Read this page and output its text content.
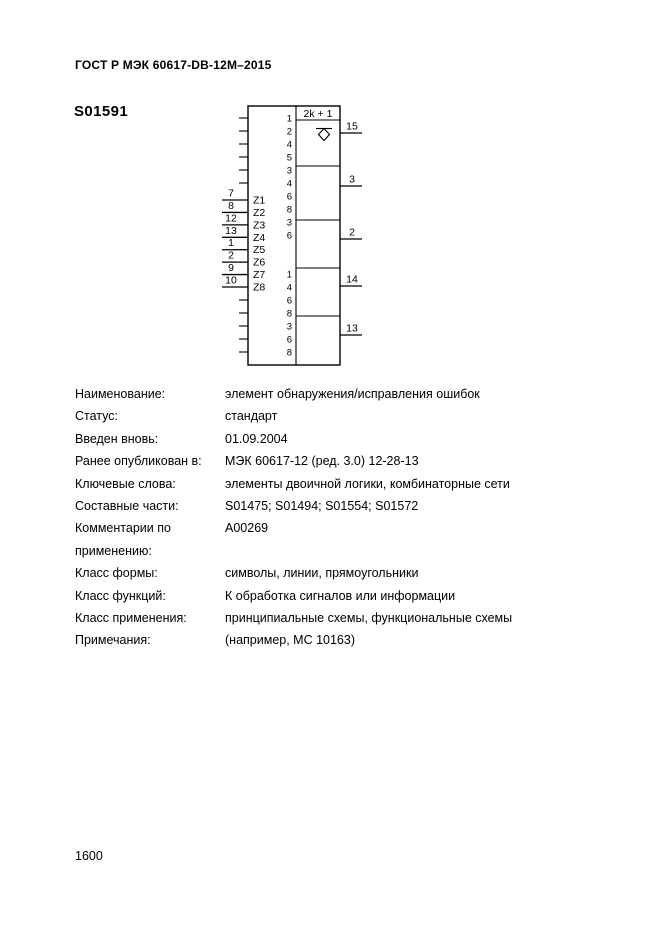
ГОСТ Р МЭК 60617-DB-12M–2015
S01591	2k + 1
15
3
2
14
13
7
Z1
8
Z2
12
Z3
13
Z4
1
Z5
2
Z6
9
Z7
10
Z8
1
2
4
5
3
4
6
8
3
6
1
4
6
8
3
6
8
Наименование:	элемент обнаружения/исправления ошибок
Статус:	стандарт
Введен вновь:	01.09.2004
Ранее опубликован в:	МЭК 60617-12 (ред. 3.0) 12-28-13
Ключевые слова:	элементы двоичной логики, комбинаторные сети
Составные части:	S01475; S01494; S01554; S01572
Комментарии по применению:
A00269
Класс формы:	символы, линии, прямоугольники
Класс функций:	К обработка сигналов или информации
Класс применения:	принципиальные схемы, функциональные схемы
Примечания:	(например, MC 10163)
1600
